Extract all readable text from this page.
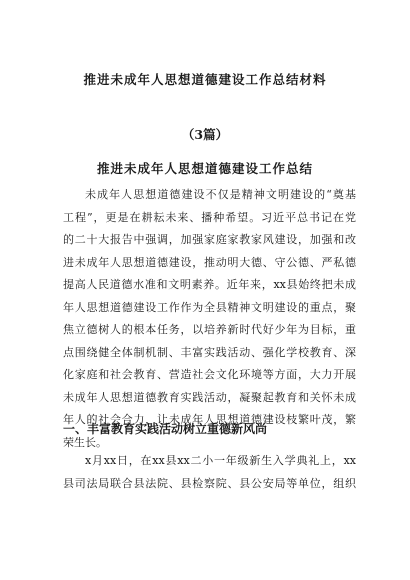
推进未成年人思想道德建设工作总结材料
（3篇）
推进未成年人思想道德建设工作总结
未成年人思想道德建设不仅是精神文明建设的“奠基
工程”，更是在耕耘未来、播种希望。习近平总书记在党
的二十大报告中强调，加强家庭家教家风建设，加强和改
进未成年人思想道德建设，推动明大德、守公德、严私德
提高人民道德水准和文明素养。近年来，xx县始终把未成
年人思想道德建设工作作为全县精神文明建设的重点，聚
焦立德树人的根本任务，以培养新时代好少年为目标，重
点围绕健全体制机制、丰富实践活动、强化学校教育、深
化家庭和社会教育、营造社会文化环境等方面，大力开展
未成年人思想道德教育实践活动，凝聚起教育和关怀未成
年人的社会合力，让未成年人思想道德建设枝繁叶茂，繁
荣生长。
一、丰富教育实践活动树立重德新风尚
x月xx日，在xx县xx二小一年级新生入学典礼上，xx
县司法局联合县法院、县检察院、县公安局等单位，组织
